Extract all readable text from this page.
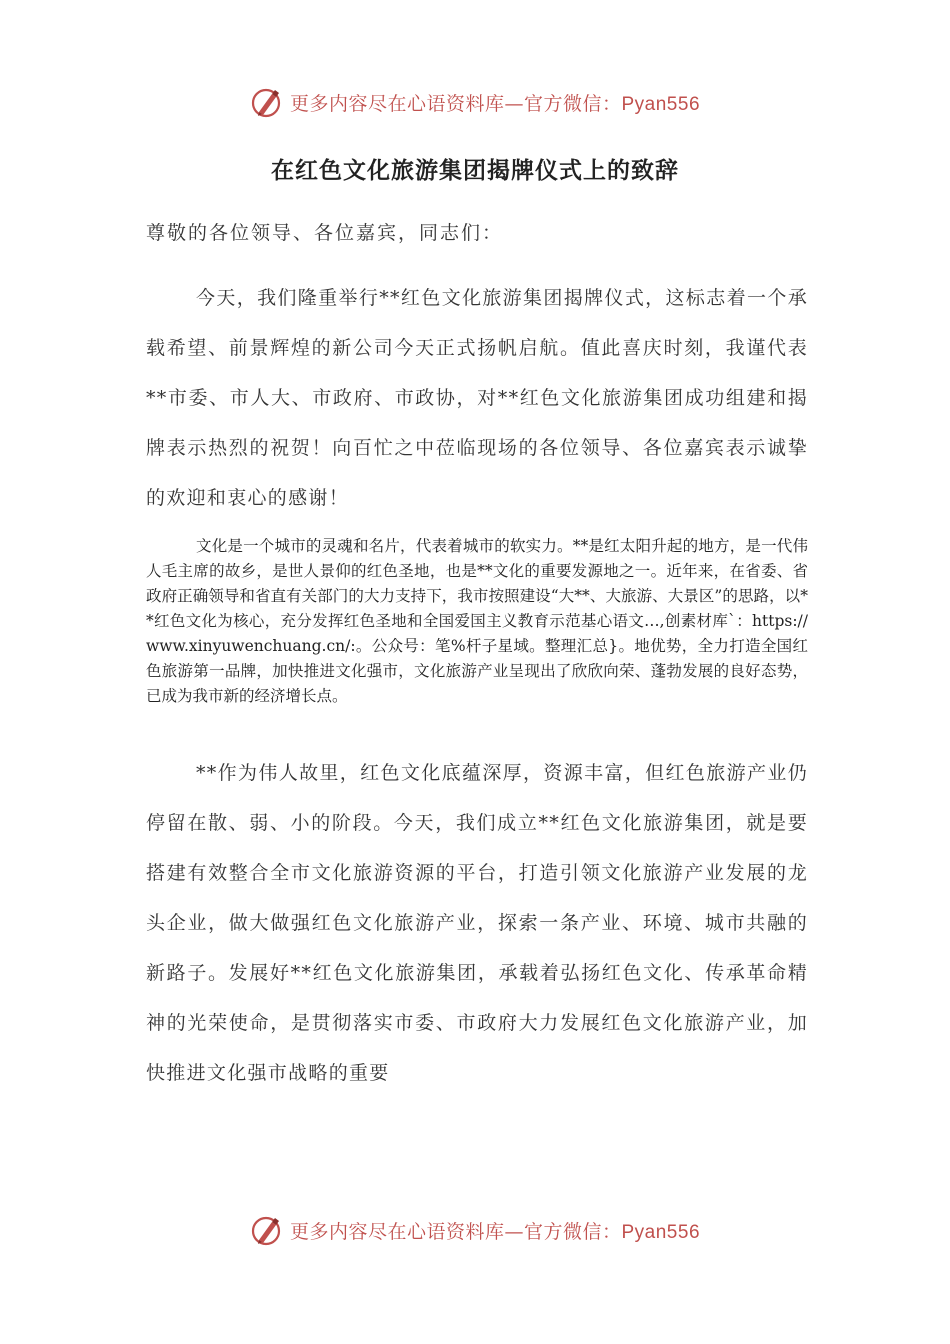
更多内容尽在心语资料库—官方微信：Pyan556
在红色文化旅游集团揭牌仪式上的致辞

尊敬的各位领导、各位嘉宾，同志们：

今天，我们隆重举行**红色文化旅游集团揭牌仪式，这标志着一个承载希望、前景辉煌的新公司今天正式扬帆启航。值此喜庆时刻，我谨代表**市委、市人大、市政府、市政协，对**红色文化旅游集团成功组建和揭牌表示热烈的祝贺！向百忙之中莅临现场的各位领导、各位嘉宾表示诚挚的欢迎和衷心的感谢！

文化是一个城市的灵魂和名片，代表着城市的软实力。**是红太阳升起的地方，是一代伟人毛主席的故乡，是世人景仰的红色圣地，也是**文化的重要发源地之一。近年来，在省委、省政府正确领导和省直有关部门的大力支持下，我市按照建设“大**、大旅游、大景区”的思路，以**红色文化为核心，充分发挥红色圣地和全国爱国主义教育示范基心语文…,创素材库`：https://www.xinyuwenchuang.cn/:。公众号：笔%杆子星域。整理汇总}。地优势，全力打造全国红色旅游第一品牌，加快推进文化强市，文化旅游产业呈现出了欣欣向荣、蓬勃发展的良好态势，已成为我市新的经济增长点。

**作为伟人故里，红色文化底蕴深厚，资源丰富，但红色旅游产业仍停留在散、弱、小的阶段。今天，我们成立**红色文化旅游集团，就是要搭建有效整合全市文化旅游资源的平台，打造引领文化旅游产业发展的龙头企业，做大做强红色文化旅游产业，探索一条产业、环境、城市共融的新路子。发展好**红色文化旅游集团，承载着弘扬红色文化、传承革命精神的光荣使命，是贯彻落实市委、市政府大力发展红色文化旅游产业，加快推进文化强市战略的重要

更多内容尽在心语资料库—官方微信：Pyan556
